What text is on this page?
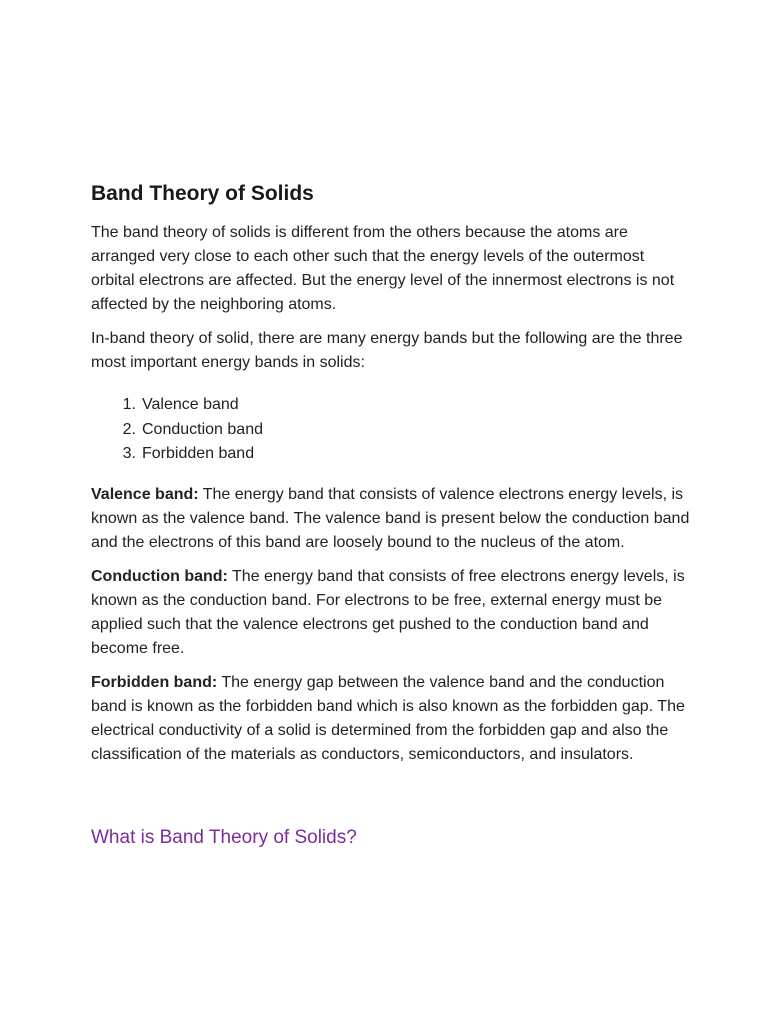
Band Theory of Solids

The band theory of solids is different from the others because the atoms are arranged very close to each other such that the energy levels of the outermost orbital electrons are affected. But the energy level of the innermost electrons is not affected by the neighboring atoms.

In-band theory of solid, there are many energy bands but the following are the three most important energy bands in solids:

1. Valence band
2. Conduction band
3. Forbidden band

Valence band: The energy band that consists of valence electrons energy levels, is known as the valence band. The valence band is present below the conduction band and the electrons of this band are loosely bound to the nucleus of the atom.

Conduction band: The energy band that consists of free electrons energy levels, is known as the conduction band. For electrons to be free, external energy must be applied such that the valence electrons get pushed to the conduction band and become free.

Forbidden band: The energy gap between the valence band and the conduction band is known as the forbidden band which is also known as the forbidden gap. The electrical conductivity of a solid is determined from the forbidden gap and also the classification of the materials as conductors, semiconductors, and insulators.

What is Band Theory of Solids?
